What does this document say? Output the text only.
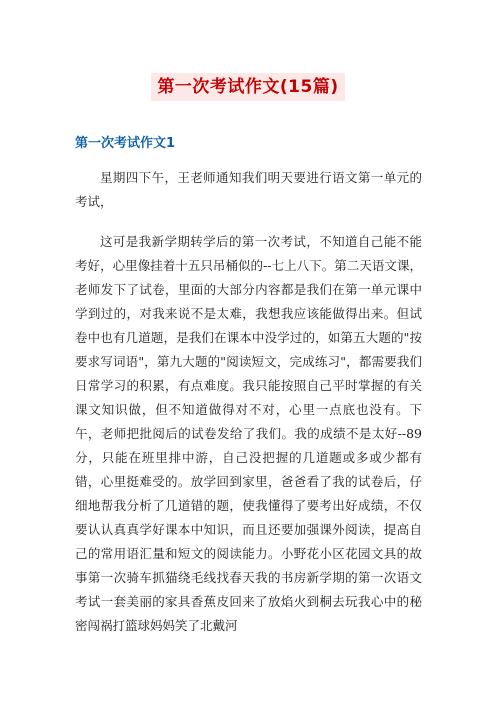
第一次考试作文(15篇)
第一次考试作文1

星期四下午，王老师通知我们明天要进行语文第一单元的考试，

这可是我新学期转学后的第一次考试，不知道自己能不能考好，心里像挂着十五只吊桶似的--七上八下。第二天语文课，老师发下了试卷，里面的大部分内容都是我们在第一单元课中学到过的，对我来说不是太难，我想我应该能做得出来。但试卷中也有几道题，是我们在课本中没学过的，如第五大题的"按要求写词语"，第九大题的"阅读短文，完成练习"，都需要我们日常学习的积累，有点难度。我只能按照自己平时掌握的有关课文知识做，但不知道做得对不对，心里一点底也没有。下午，老师把批阅后的试卷发给了我们。我的成绩不是太好--89分，只能在班里排中游，自己没把握的几道题或多或少都有错，心里挺难受的。放学回到家里，爸爸看了我的试卷后，仔细地帮我分析了几道错的题，使我懂得了要考出好成绩，不仅要认认真真学好课本中知识，而且还要加强课外阅读，提高自己的常用语汇量和短文的阅读能力。小野花小区花园文具的故事第一次骑车抓猫绕毛线找春天我的书房新学期的第一次语文考试一套美丽的家具香蕉皮回来了放焰火到桐去玩我心中的秘密闯祸打篮球妈妈笑了北戴河
